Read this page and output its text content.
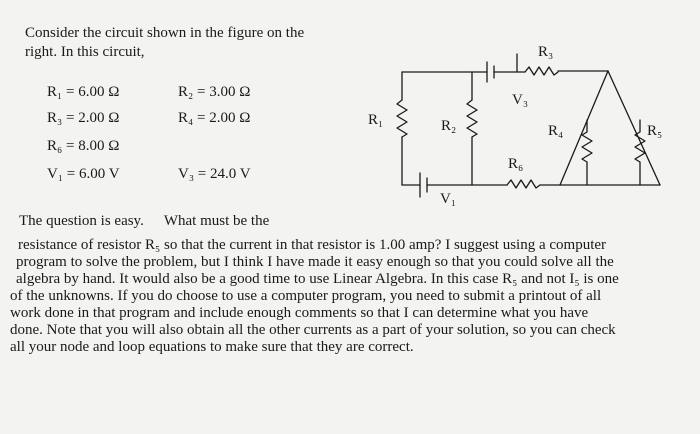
Consider the circuit shown in the figure on the
right. In this circuit,
R₁ = 6.00 Ω	R₂ = 3.00 Ω
R₃ = 2.00 Ω	R₄ = 2.00 Ω
R₆ = 8.00 Ω
V₁ = 6.00 V	V₃ = 24.0 V
R₁	R₂
R₃
R₄	R₅
R₆
V₁
V₃
The question is easy. What must be the
resistance of resistor R₅ so that the current in that resistor is 1.00 amp? I suggest using a computer
program to solve the problem, but I think I have made it easy enough so that you could solve all the
algebra by hand. It would also be a good time to use Linear Algebra. In this case R₅ and not I₅ is one
of the unknowns. If you do choose to use a computer program, you need to submit a printout of all
work done in that program and include enough comments so that I can determine what you have
done. Note that you will also obtain all the other currents as a part of your solution, so you can check
all your node and loop equations to make sure that they are correct.
